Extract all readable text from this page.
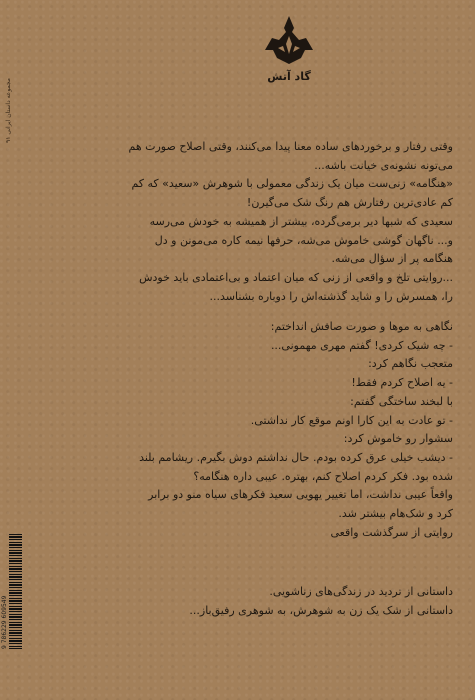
گاد آتش
مجموعه داستان ایرانی ۹۱
9 786229 609549

وقتی رفتار و برخوردهای ساده معنا پیدا می‌کنند، وقتی اصلاح صورت هم

می‌تونه نشونه‌ی خیانت باشه...

«هنگامه» زنی‌ست میان یک زندگی معمولی با شوهرش «سعید» که کم

کم عادی‌ترین رفتارش هم رنگ شک می‌گیرن!

سعیدی که شبها دیر برمی‌گرده، بیشتر از همیشه به خودش می‌رسه

و... ناگهان گوشی خاموش می‌شه، حرفها نیمه کاره می‌مونن و دل

هنگامه پر از سؤال می‌شه.

...روایتی تلخ و واقعی از زنی که میان اعتماد و بی‌اعتمادی باید خودش

را، همسرش را و شاید گذشته‌اش را دوباره بشناسد...

نگاهی به موها و صورت صافش انداختم:

- چه شیک کردی! گفتم مهری مهمونی...

متعجب نگاهم کرد:

- یه اصلاح کردم فقط!

با لبخند ساختگی گفتم:

- تو عادت به این کارا اونم موقع کار نداشتی.

سشوار رو خاموش کرد:

- دیشب خیلی عرق کرده بودم. حال نداشتم دوش بگیرم. ریشامم بلند

شده بود. فکر کردم اصلاح کنم، بهتره. عیبی داره هنگامه؟

واقعاً عیبی نداشت، اما تغییر یهویی سعید فکرهای سیاه منو دو برابر

کرد و شک‌هام بیشتر شد.

روایتی از سرگذشت واقعی

داستانی از تردید در زندگی‌های زناشویی.

داستانی از شک یک زن به شوهرش، به شوهری رفیق‌باز...
